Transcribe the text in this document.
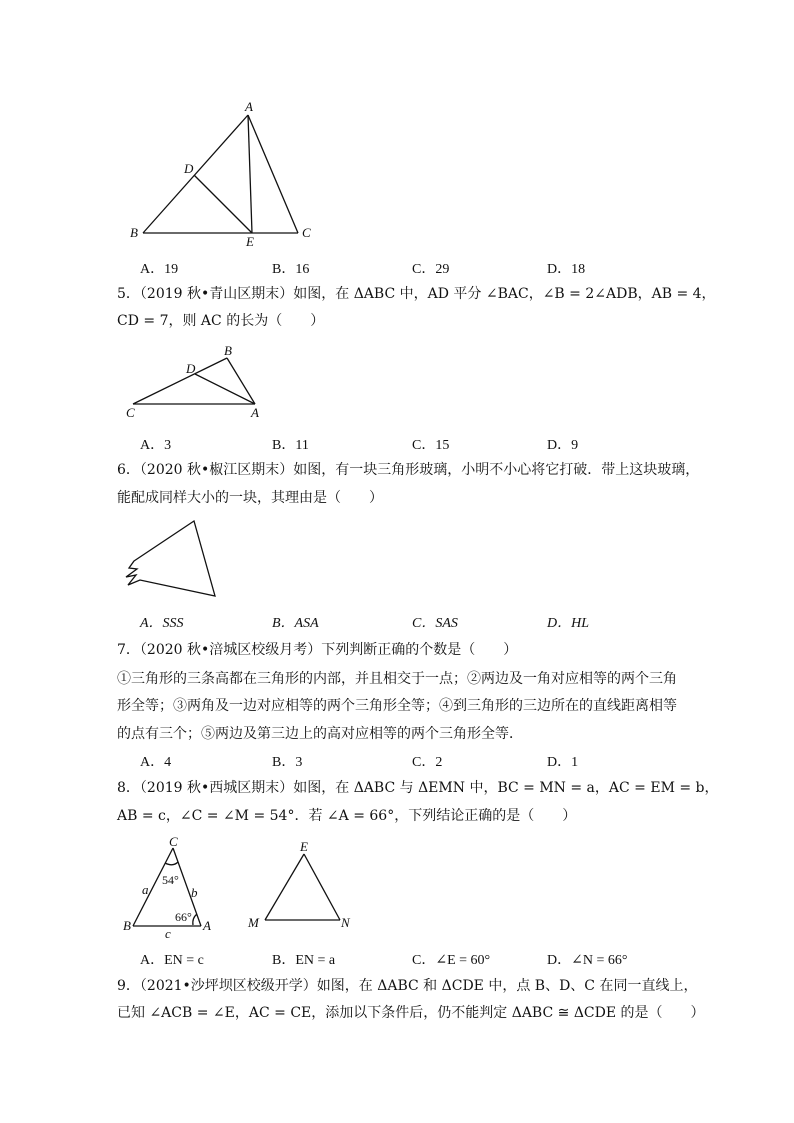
A
B	C
D
E
A．19	B．16	C．29	D．18
5．（2019 秋•青山区期末）如图，在 ΔABC 中，AD 平分 ∠BAC，∠B = 2∠ADB，AB = 4，
CD = 7，则 AC 的长为（　　）
B
D
C	A
A．3	B．11	C．15	D．9
6．（2020 秋•椒江区期末）如图，有一块三角形玻璃，小明不小心将它打破．带上这块玻璃，
能配成同样大小的一块，其理由是（　　）
A．SSS	B．ASA	C．SAS	D．HL
7．（2020 秋•涪城区校级月考）下列判断正确的个数是（　　）
①三角形的三条高都在三角形的内部，并且相交于一点；②两边及一角对应相等的两个三角
形全等；③两角及一边对应相等的两个三角形全等；④到三角形的三边所在的直线距离相等
的点有三个；⑤两边及第三边上的高对应相等的两个三角形全等．
A．4	B．3	C．2	D．1
8．（2019 秋•西城区期末）如图，在 ΔABC 与 ΔEMN 中，BC = MN = a，AC = EM = b，
AB = c，∠C = ∠M = 54°．若 ∠A = 66°，下列结论正确的是（　　）
C
B	A
a	b
c
54°
66°
E
M	N
A．EN = c	B．EN = a	C．∠E = 60°	D．∠N = 66°
9．（2021•沙坪坝区校级开学）如图，在 ΔABC 和 ΔCDE 中，点 B、D、C 在同一直线上，
已知 ∠ACB = ∠E，AC = CE，添加以下条件后，仍不能判定 ΔABC ≅ ΔCDE 的是（　　）
